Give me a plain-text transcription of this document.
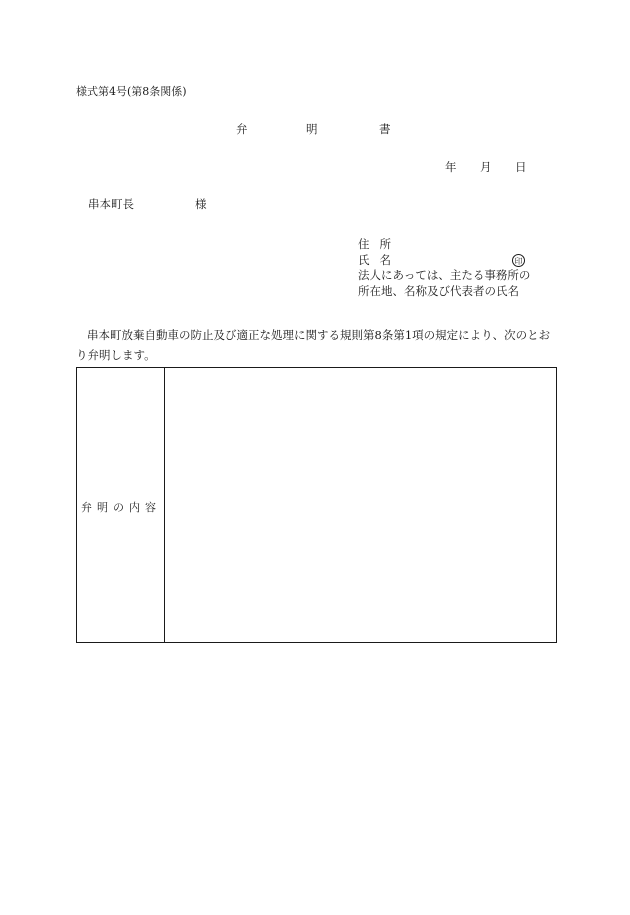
様式第4号(第8条関係)
弁	明	書
年 月 日
串本町長	様
住 所
氏 名	印
法人にあっては、主たる事務所の
所在地、名称及び代表者の氏名
串本町放棄自動車の防止及び適正な処理に関する規則第8条第1項の規定により、次のとおり弁明します。
弁明の内容
